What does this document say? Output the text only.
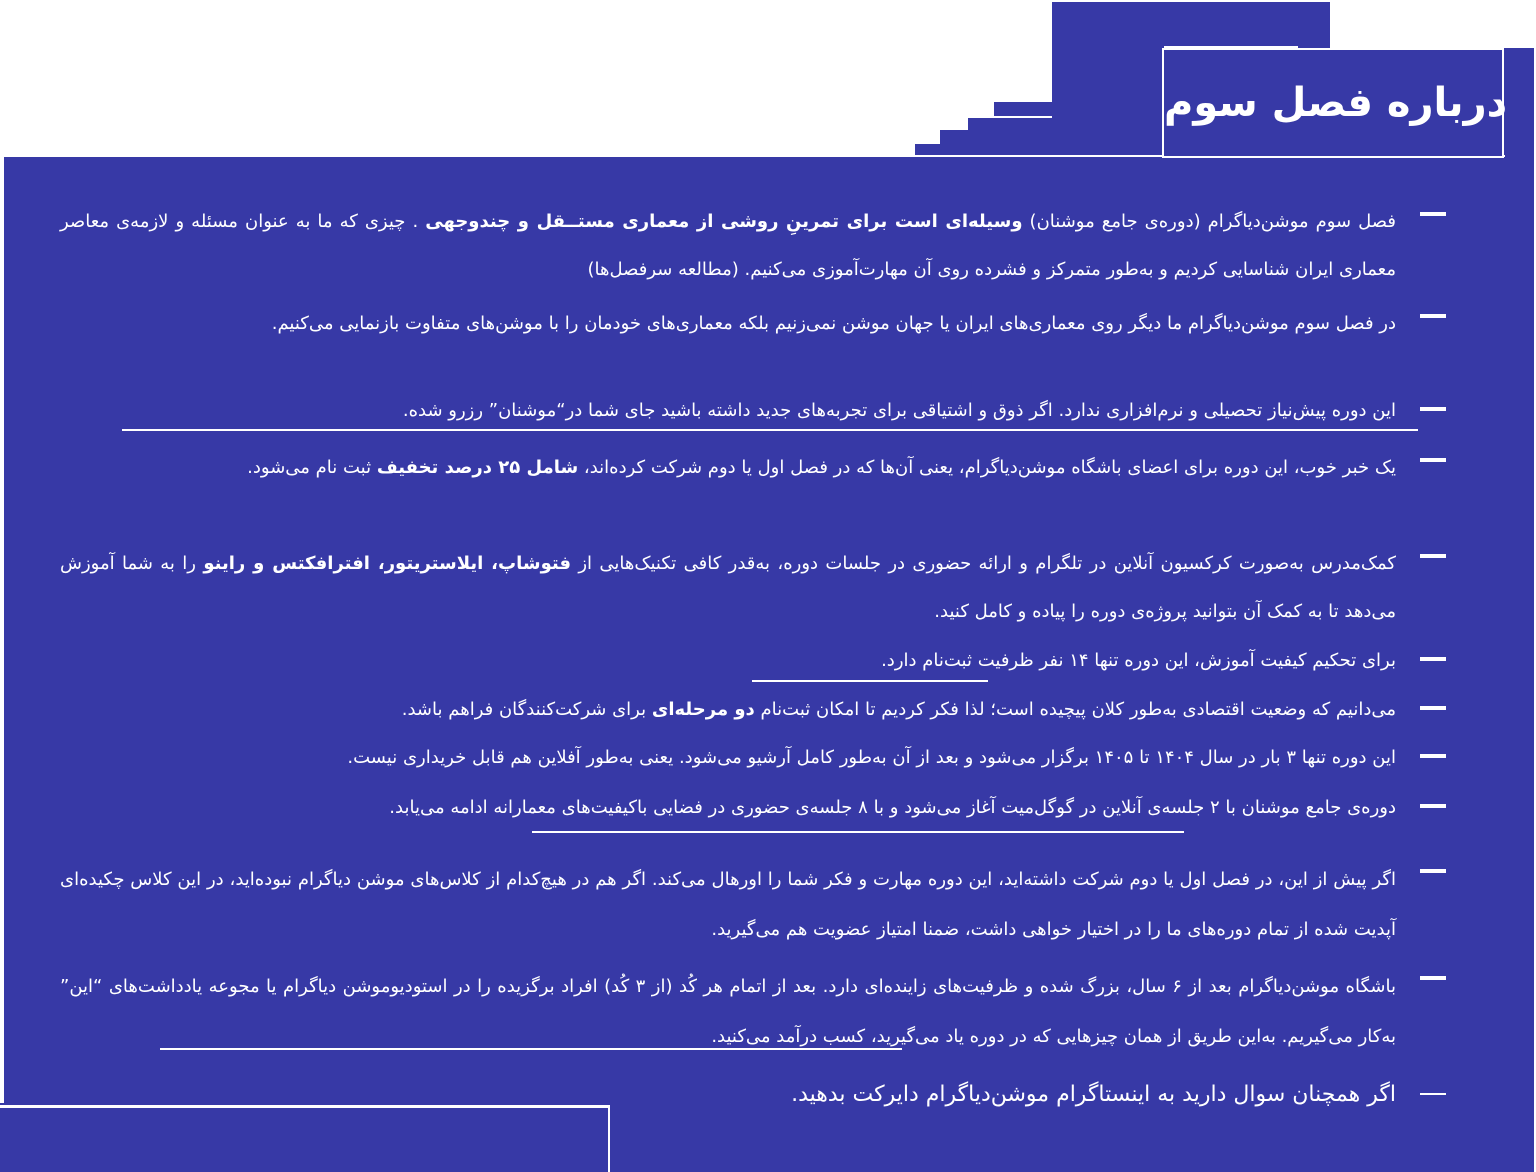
درباره فصل سوم

فصل سوم موشن‌دیاگرام (دوره‌ی جامع موشنان) وسیله‌ای است برای تمرینِ روشی از معماری مستــقل و چندوجهی . چیزی که ما به عنوان مسئله و لازمه‌ی معاصر معماری ایران شناسایی کردیم و به‌طور متمرکز و فشرده روی آن مهارت‌آموزی می‌کنیم. (مطالعه سرفصل‌ها)

در فصل سوم موشن‌دیاگرام ما دیگر روی معماری‌های ایران یا جهان موشن نمی‌زنیم بلکه معماری‌های خودمان را با موشن‌های متفاوت بازنمایی می‌کنیم.

این دوره پیش‌نیاز تحصیلی و نرم‌افزاری ندارد. اگر ذوق و اشتیاقی برای تجربه‌های جدید داشته باشید جای شما در“موشنان” رزرو شده.

یک خبر خوب، این دوره برای اعضای باشگاه موشن‌دیاگرام، یعنی آن‌ها که در فصل اول یا دوم شرکت کرده‌اند، شامل ۲۵ درصد تخفیف ثبت نام می‌شود.

کمک‌مدرس به‌صورت کرکسیون آنلاین در تلگرام و ارائه حضوری در جلسات دوره، به‌قدر کافی تکنیک‌هایی از فتوشاپ، ایلاستریتور، افترافکتس و راینو را به شما آموزش می‌دهد تا به کمک آن بتوانید پروژه‌ی دوره را پیاده و کامل کنید.

برای تحکیم کیفیت آموزش، این دوره تنها ۱۴ نفر ظرفیت ثبت‌نام دارد.

می‌دانیم که وضعیت اقتصادی به‌طور کلان پیچیده است؛ لذا فکر کردیم تا امکان ثبت‌نام دو مرحله‌ای برای شرکت‌کنندگان فراهم باشد.

این دوره تنها ۳ بار در سال ۱۴۰۴ تا ۱۴۰۵ برگزار می‌شود و بعد از آن به‌طور کامل آرشیو می‌شود. یعنی به‌طور آفلاین هم قابل خریداری نیست.

دوره‌ی جامع موشنان با ۲ جلسه‌ی آنلاین در گوگل‌میت آغاز می‌شود و با ۸ جلسه‌ی حضوری در فضایی باکیفیت‌های معمارانه ادامه می‌یابد.

اگر پیش از این، در فصل اول یا دوم شرکت داشته‌اید، این دوره مهارت و فکر شما را اورهال می‌کند. اگر هم در هیچ‌کدام از کلاس‌های موشن دیاگرام نبوده‌اید، در این کلاس چکیده‌ای آپدیت شده از تمام دوره‌های ما را در اختیار خواهی داشت، ضمنا امتیاز عضویت هم می‌گیرید.

باشگاه موشن‌دیاگرام بعد از ۶ سال، بزرگ شده و ظرفیت‌های زاینده‌ای دارد. بعد از اتمام هر کُد (از ۳ کُد) افراد برگزیده را در استودیوموشن دیاگرام یا مجوعه یادداشت‌های “این” به‌کار می‌گیریم. به‌این طریق از همان چیزهایی که در دوره یاد می‌گیرید، کسب درآمد می‌کنید.

اگر همچنان سوال دارید به اینستاگرام موشن‌دیاگرام دایرکت بدهید.
